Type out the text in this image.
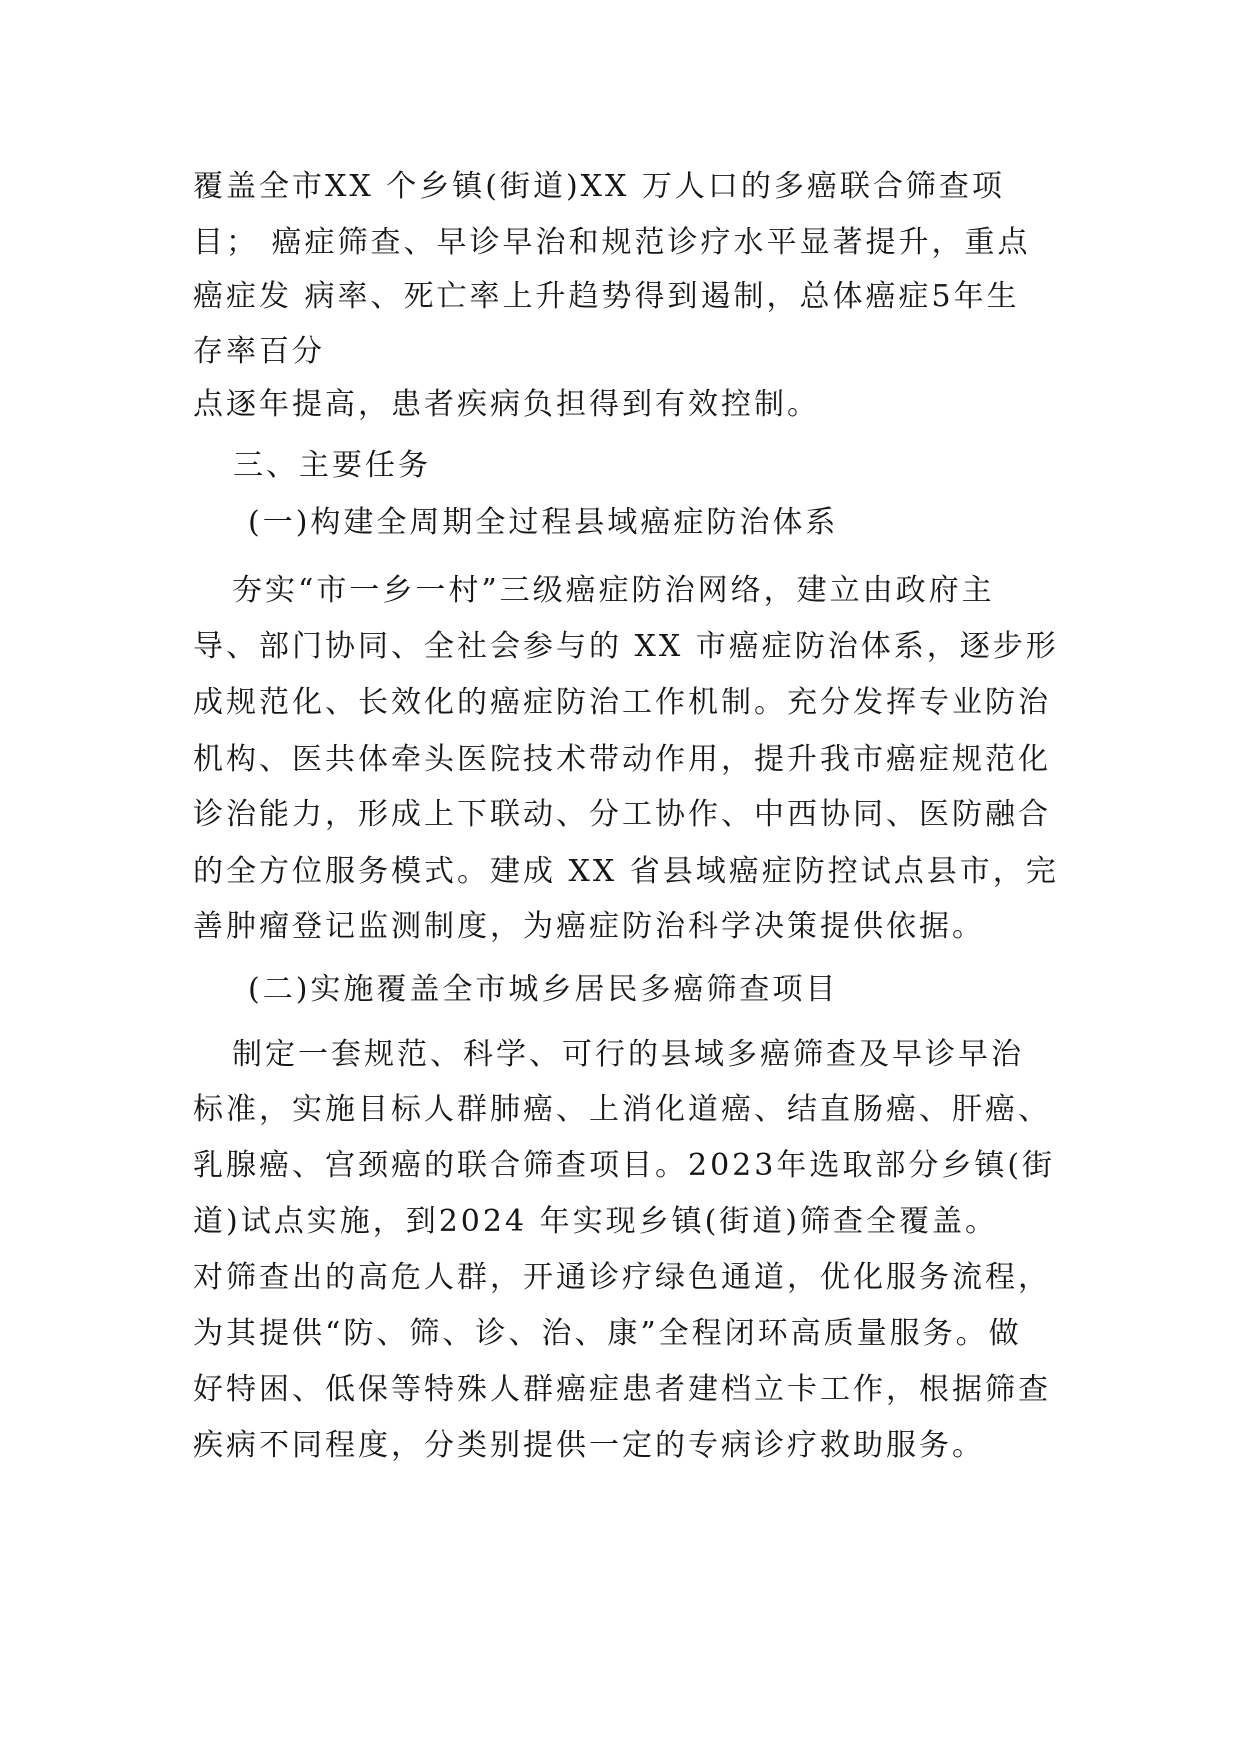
覆盖全市XX 个乡镇(街道)XX 万人口的多癌联合筛查项
目； 癌症筛查、早诊早治和规范诊疗水平显著提升，重点
癌症发 病率、死亡率上升趋势得到遏制，总体癌症5年生
存率百分
点逐年提高，患者疾病负担得到有效控制。
三、主要任务
(一)构建全周期全过程县域癌症防治体系
夯实“市一乡一村”三级癌症防治网络，建立由政府主
导、部门协同、全社会参与的 XX 市癌症防治体系，逐步形
成规范化、长效化的癌症防治工作机制。充分发挥专业防治
机构、医共体牵头医院技术带动作用，提升我市癌症规范化
诊治能力，形成上下联动、分工协作、中西协同、医防融合
的全方位服务模式。建成 XX 省县域癌症防控试点县市，完
善肿瘤登记监测制度，为癌症防治科学决策提供依据。
(二)实施覆盖全市城乡居民多癌筛查项目
制定一套规范、科学、可行的县域多癌筛查及早诊早治
标准，实施目标人群肺癌、上消化道癌、结直肠癌、肝癌、
乳腺癌、宫颈癌的联合筛查项目。2023年选取部分乡镇(街
道)试点实施，到2024 年实现乡镇(街道)筛查全覆盖。
对筛查出的高危人群，开通诊疗绿色通道，优化服务流程，
为其提供“防、筛、诊、治、康”全程闭环高质量服务。做
好特困、低保等特殊人群癌症患者建档立卡工作，根据筛查
疾病不同程度，分类别提供一定的专病诊疗救助服务。
